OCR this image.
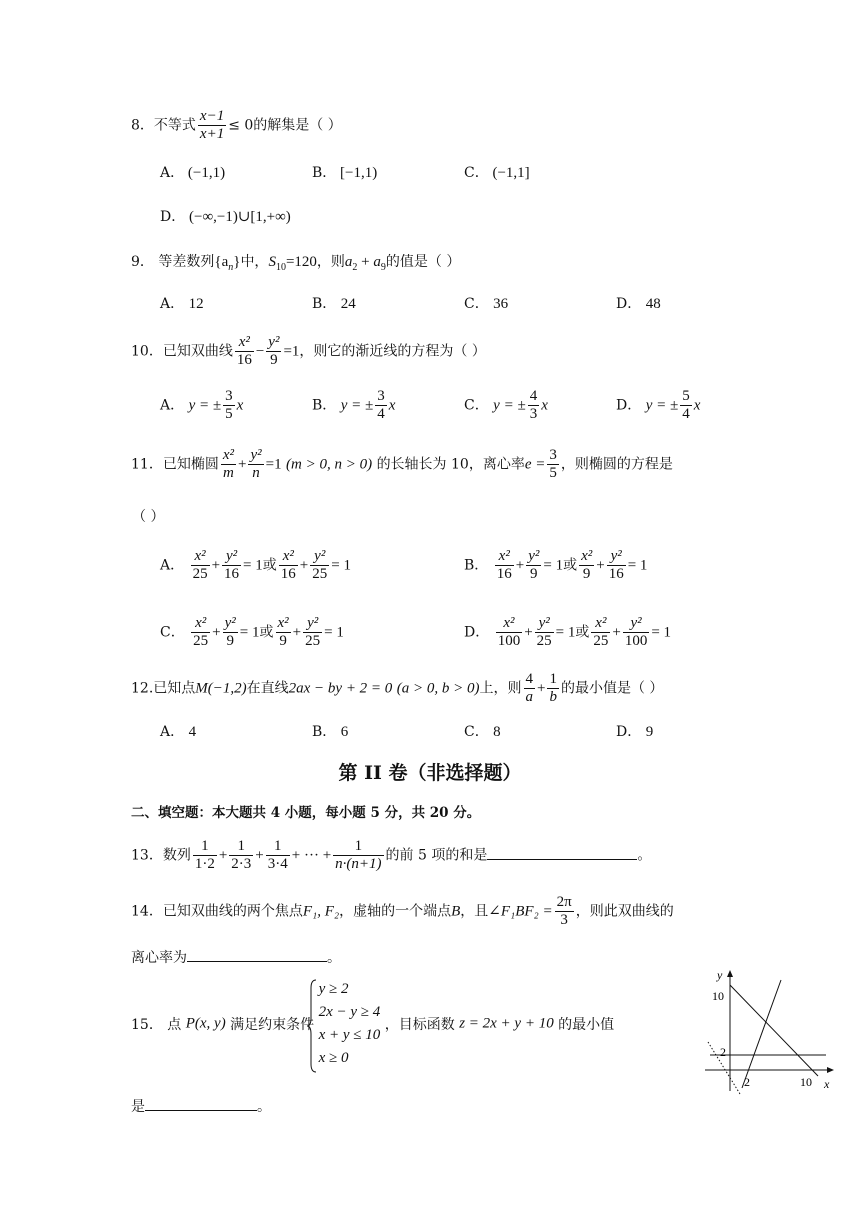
8．不等式 $\frac{x-1}{x+1} \le 0$的解集是（ ）
A． (−1,1)	B． [−1,1)	C． (−1,1]
D． (−∞,−1)∪[1,+∞)
9． 等差数列$\{a_n\}$中，$S_{10}=120$，则$a_2 + a_9$的值是（ ）
A． 12	B． 24	C． 36	D． 48
10．已知双曲线 $\frac{\text{x²}}{16} - \frac{\text{y²}}{9} =1$，则它的渐近线的方程为（ ）
A． y = ± $\frac{3}{5}$ x	B． y = ± $\frac{3}{4}$ x	C． y = ± $\frac{4}{3}$ x	D． y = ± $\frac{5}{4}$ x
11．已知椭圆 $\frac{\text{x²}}{m} + \frac{\text{y²}}{n} =1$ (m > 0, n > 0) 的长轴长为 10，离心率$e = \frac{3}{5}$ ，则椭圆的方程是
（ ）
A． $\frac{\text{x²}}{25} + \frac{\text{y²}}{16} = 1$或 $\frac{\text{x²}}{16} + \frac{\text{y²}}{25} = 1$	B． $\frac{\text{x²}}{16} + \frac{\text{y²}}{9} = 1$或 $\frac{\text{x²}}{9} + \frac{\text{y²}}{16} = 1$
C． $\frac{\text{x²}}{25} + \frac{\text{y²}}{9} = 1$或 $\frac{\text{x²}}{9} + \frac{\text{y²}}{25} = 1$	D． $\frac{\text{x²}}{100} + \frac{\text{y²}}{25} = 1$或 $\frac{\text{x²}}{25} + \frac{\text{y²}}{100} = 1$
12.已知点M(−1,2)在直线2ax − by + 2 = 0 (a > 0, b > 0)上，则 $\frac{4}{a} + \frac{1}{b}$ 的最小值是（ ）
A． 4	B． 6	C． 8	D． 9
第 II 卷（非选择题）
二、填空题：本大题共 4 小题，每小题 5 分，共 20 分。
13．数列 $\frac{1}{1\cdot 2} + \frac{1}{2\cdot 3} + \frac{1}{3\cdot 4}$ + ··· + $\frac{1}{n\cdot(n+1)}$ 的前 5 项的和是	。
14．已知双曲线的两个焦点F₁, F₂，虚轴的一个端点B，且∠F₁BF₂ = $\frac{2\pi}{3}$ ，则此双曲线的
离心率为	。
15． 点 P(x, y) 满足约束条件
y ≥ 2
2x − y ≥ 4
x + y ≤ 10
x ≥ 0
，目标函数 z = 2x + y + 10 的最小值
是	。
y
x
10
2
2	10
